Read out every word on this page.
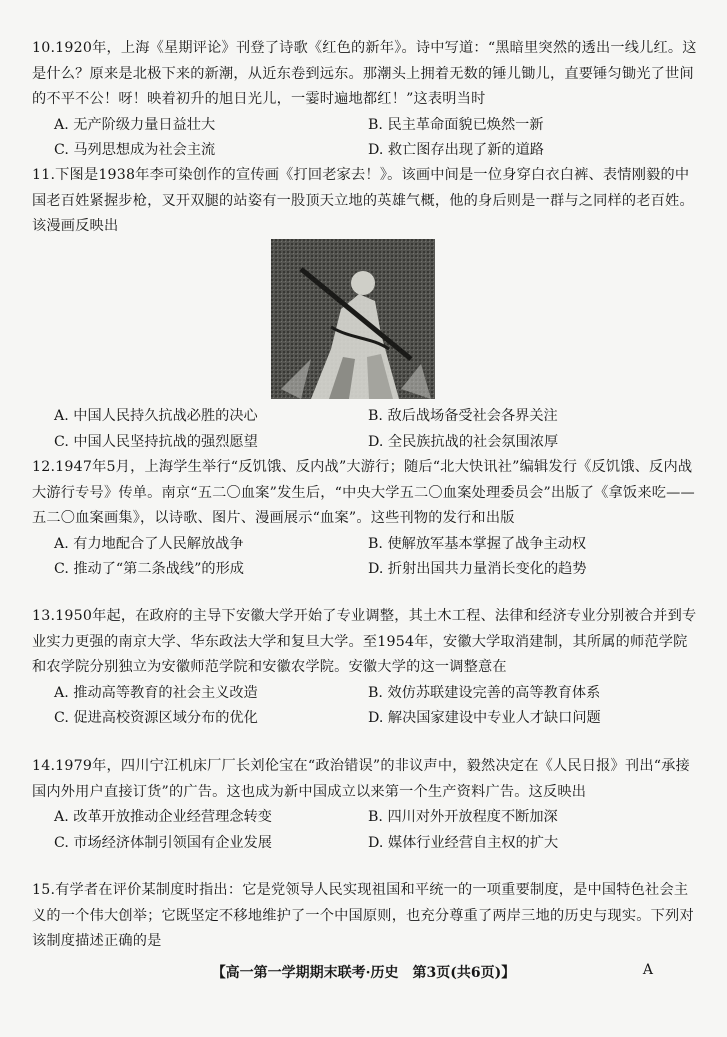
10.1920年，上海《星期评论》刊登了诗歌《红色的新年》。诗中写道：“黑暗里突然的透出一线儿红。这是什么？原来是北极下来的新潮，从近东卷到远东。那潮头上拥着无数的锤儿锄儿，直要锤匀锄光了世间的不平不公！呀！映着初升的旭日光儿，一霎时遍地都红！”这表明当时
A. 无产阶级力量日益壮大	B. 民主革命面貌已焕然一新
C. 马列思想成为社会主流	D. 救亡图存出现了新的道路
11.下图是1938年李可染创作的宣传画《打回老家去！》。该画中间是一位身穿白衣白裤、表情刚毅的中国老百姓紧握步枪，叉开双腿的站姿有一股顶天立地的英雄气概，他的身后则是一群与之同样的老百姓。该漫画反映出
A. 中国人民持久抗战必胜的决心	B. 敌后战场备受社会各界关注
C. 中国人民坚持抗战的强烈愿望	D. 全民族抗战的社会氛围浓厚
12.1947年5月，上海学生举行“反饥饿、反内战”大游行；随后“北大快讯社”编辑发行《反饥饿、反内战大游行专号》传单。南京“五二〇血案”发生后，“中央大学五二〇血案处理委员会”出版了《拿饭来吃——五二〇血案画集》，以诗歌、图片、漫画展示“血案”。这些刊物的发行和出版
A. 有力地配合了人民解放战争	B. 使解放军基本掌握了战争主动权
C. 推动了“第二条战线”的形成	D. 折射出国共力量消长变化的趋势
13.1950年起，在政府的主导下安徽大学开始了专业调整，其土木工程、法律和经济专业分别被合并到专业实力更强的南京大学、华东政法大学和复旦大学。至1954年，安徽大学取消建制，其所属的师范学院和农学院分别独立为安徽师范学院和安徽农学院。安徽大学的这一调整意在
A. 推动高等教育的社会主义改造	B. 效仿苏联建设完善的高等教育体系
C. 促进高校资源区域分布的优化	D. 解决国家建设中专业人才缺口问题
14.1979年，四川宁江机床厂厂长刘伦宝在“政治错误”的非议声中，毅然决定在《人民日报》刊出“承接国内外用户直接订货”的广告。这也成为新中国成立以来第一个生产资料广告。这反映出
A. 改革开放推动企业经营理念转变	B. 四川对外开放程度不断加深
C. 市场经济体制引领国有企业发展	D. 媒体行业经营自主权的扩大
15.有学者在评价某制度时指出：它是党领导人民实现祖国和平统一的一项重要制度，是中国特色社会主义的一个伟大创举；它既坚定不移地维护了一个中国原则，也充分尊重了两岸三地的历史与现实。下列对该制度描述正确的是
【高一第一学期期末联考·历史　第3页(共6页)】	A
